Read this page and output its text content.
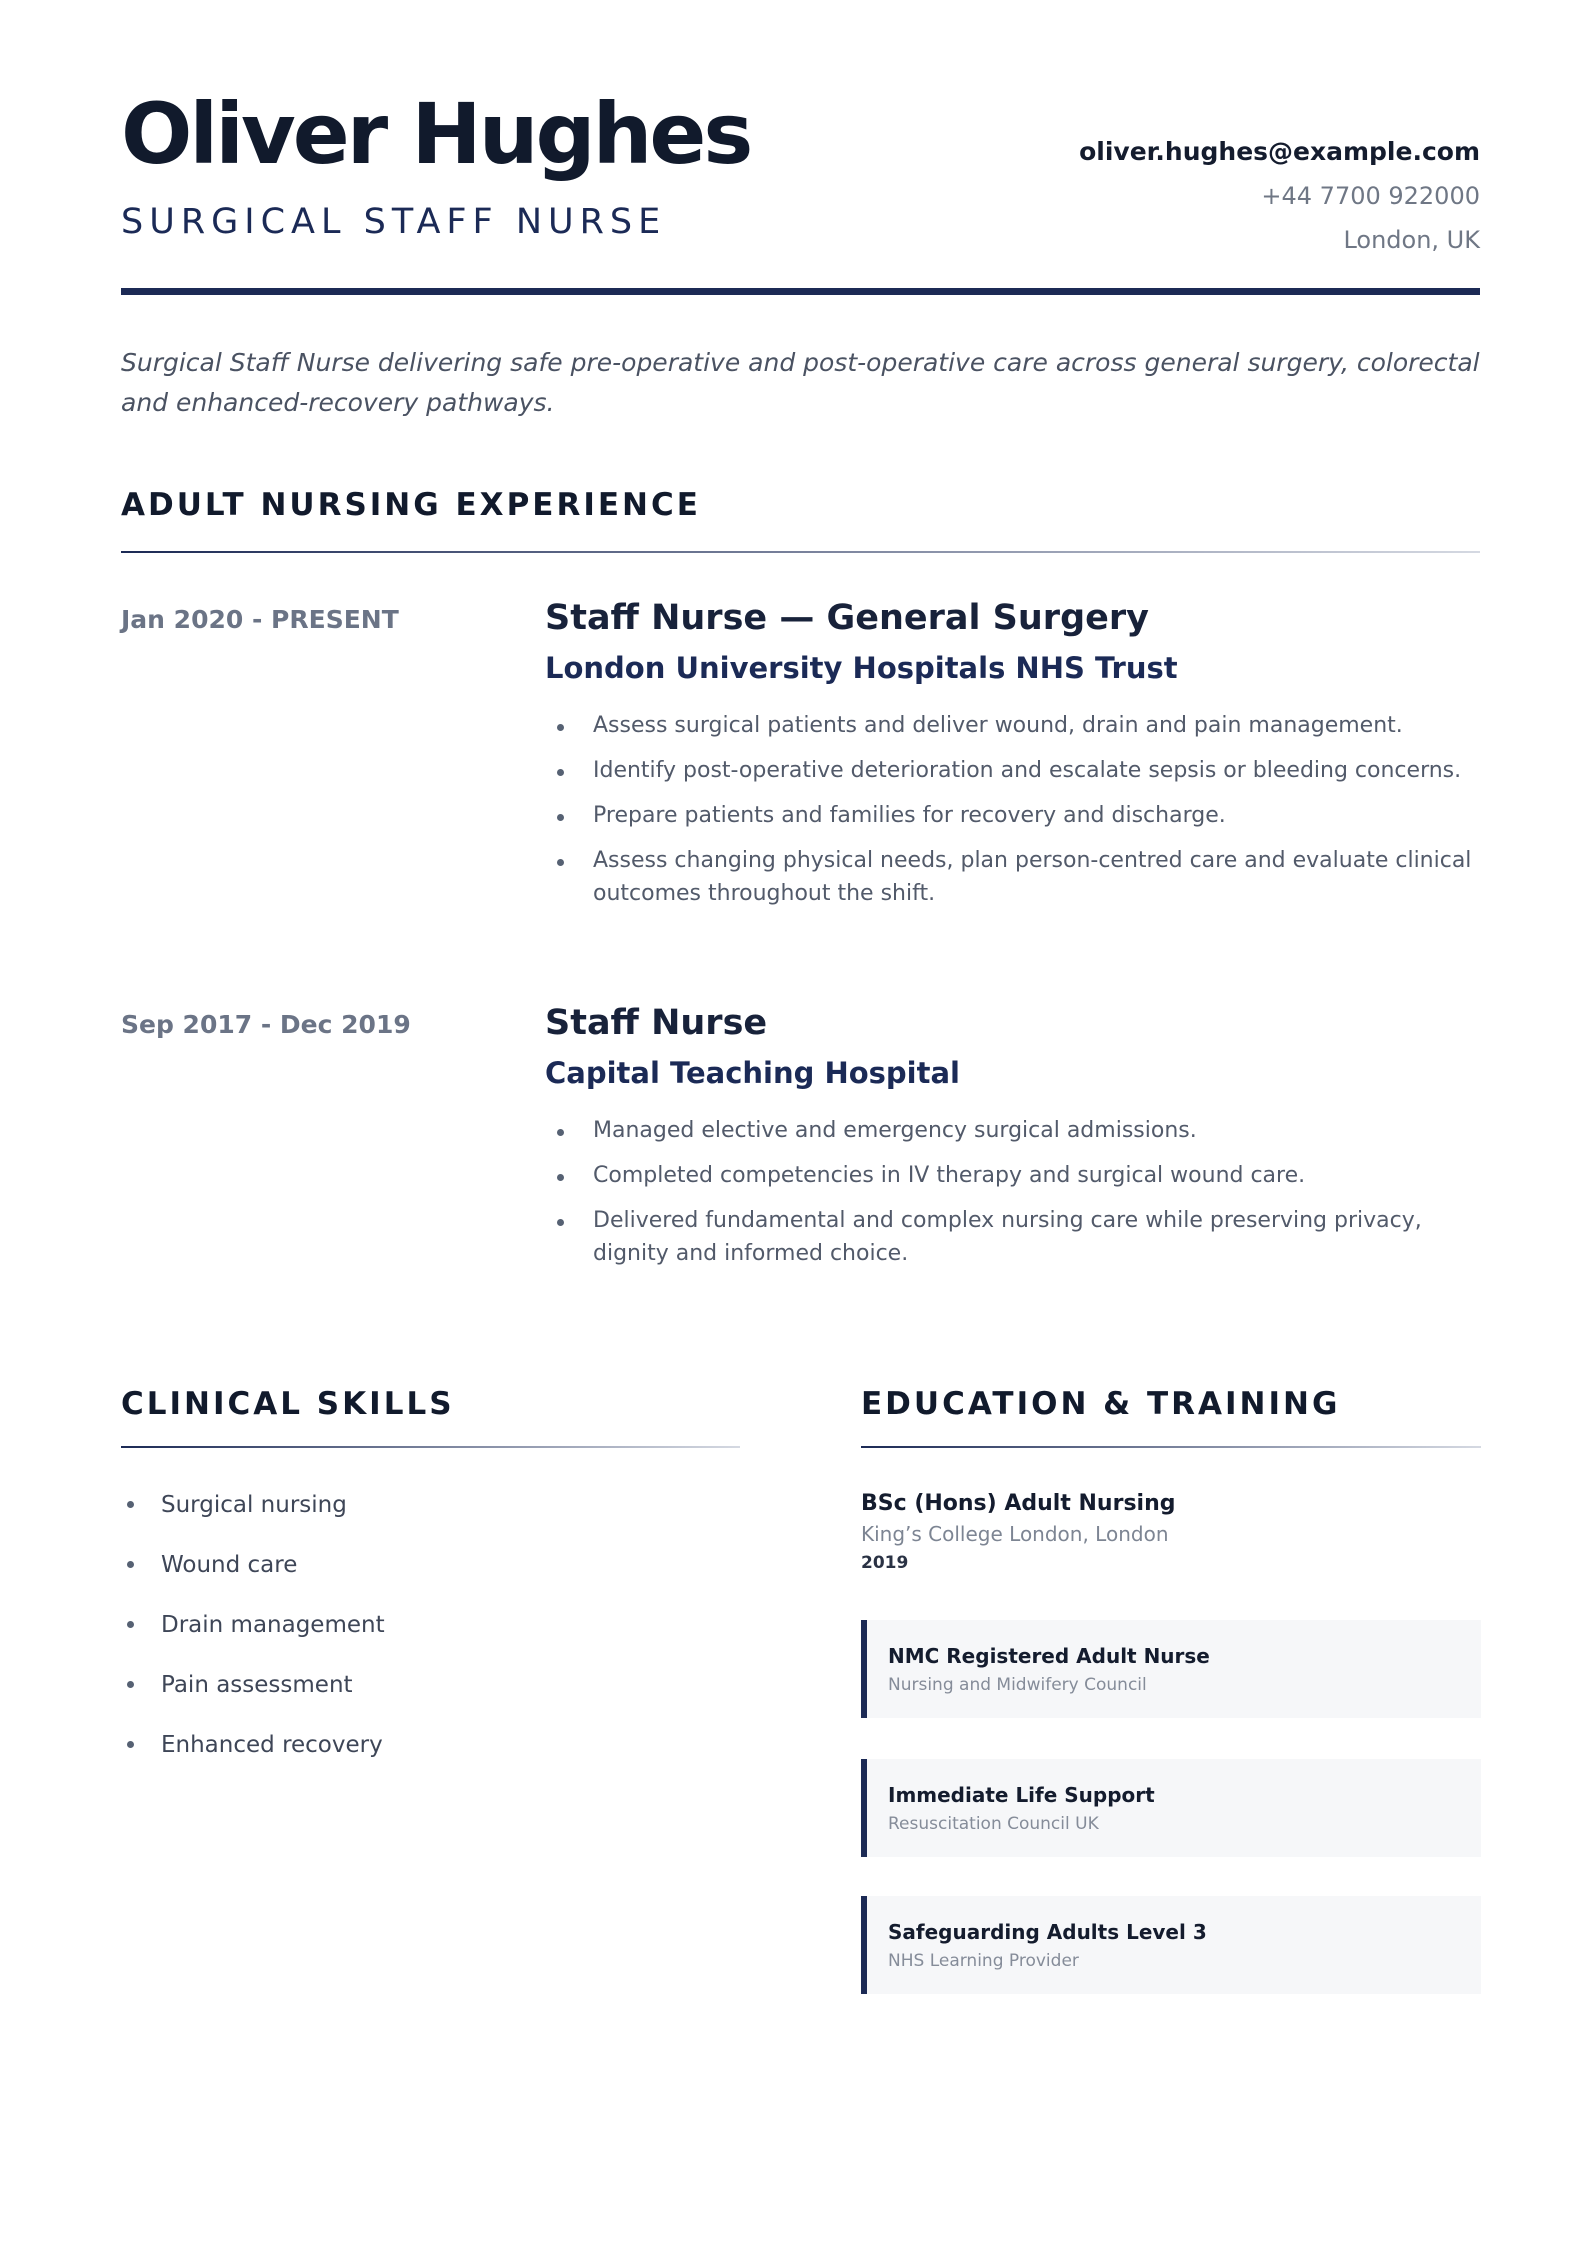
Oliver Hughes
SURGICAL STAFF NURSE
oliver.hughes@example.com
+44 7700 922000
London, UK
Surgical Staff Nurse delivering safe pre-operative and post-operative care across general surgery, colorectal and enhanced-recovery pathways.
ADULT NURSING EXPERIENCE
Jan 2020 - PRESENT	Staff Nurse — General Surgery
London University Hospitals NHS Trust
Assess surgical patients and deliver wound, drain and pain management.
Identify post-operative deterioration and escalate sepsis or bleeding concerns.
Prepare patients and families for recovery and discharge.
Assess changing physical needs, plan person-centred care and evaluate clinical outcomes throughout the shift.
Sep 2017 - Dec 2019	Staff Nurse
Capital Teaching Hospital
Managed elective and emergency surgical admissions.
Completed competencies in IV therapy and surgical wound care.
Delivered fundamental and complex nursing care while preserving privacy, dignity and informed choice.
CLINICAL SKILLS
Surgical nursing
Wound care
Drain management
Pain assessment
Enhanced recovery
EDUCATION & TRAINING
BSc (Hons) Adult Nursing
King’s College London, London
2019
NMC Registered Adult Nurse
Nursing and Midwifery Council
Immediate Life Support
Resuscitation Council UK
Safeguarding Adults Level 3
NHS Learning Provider
